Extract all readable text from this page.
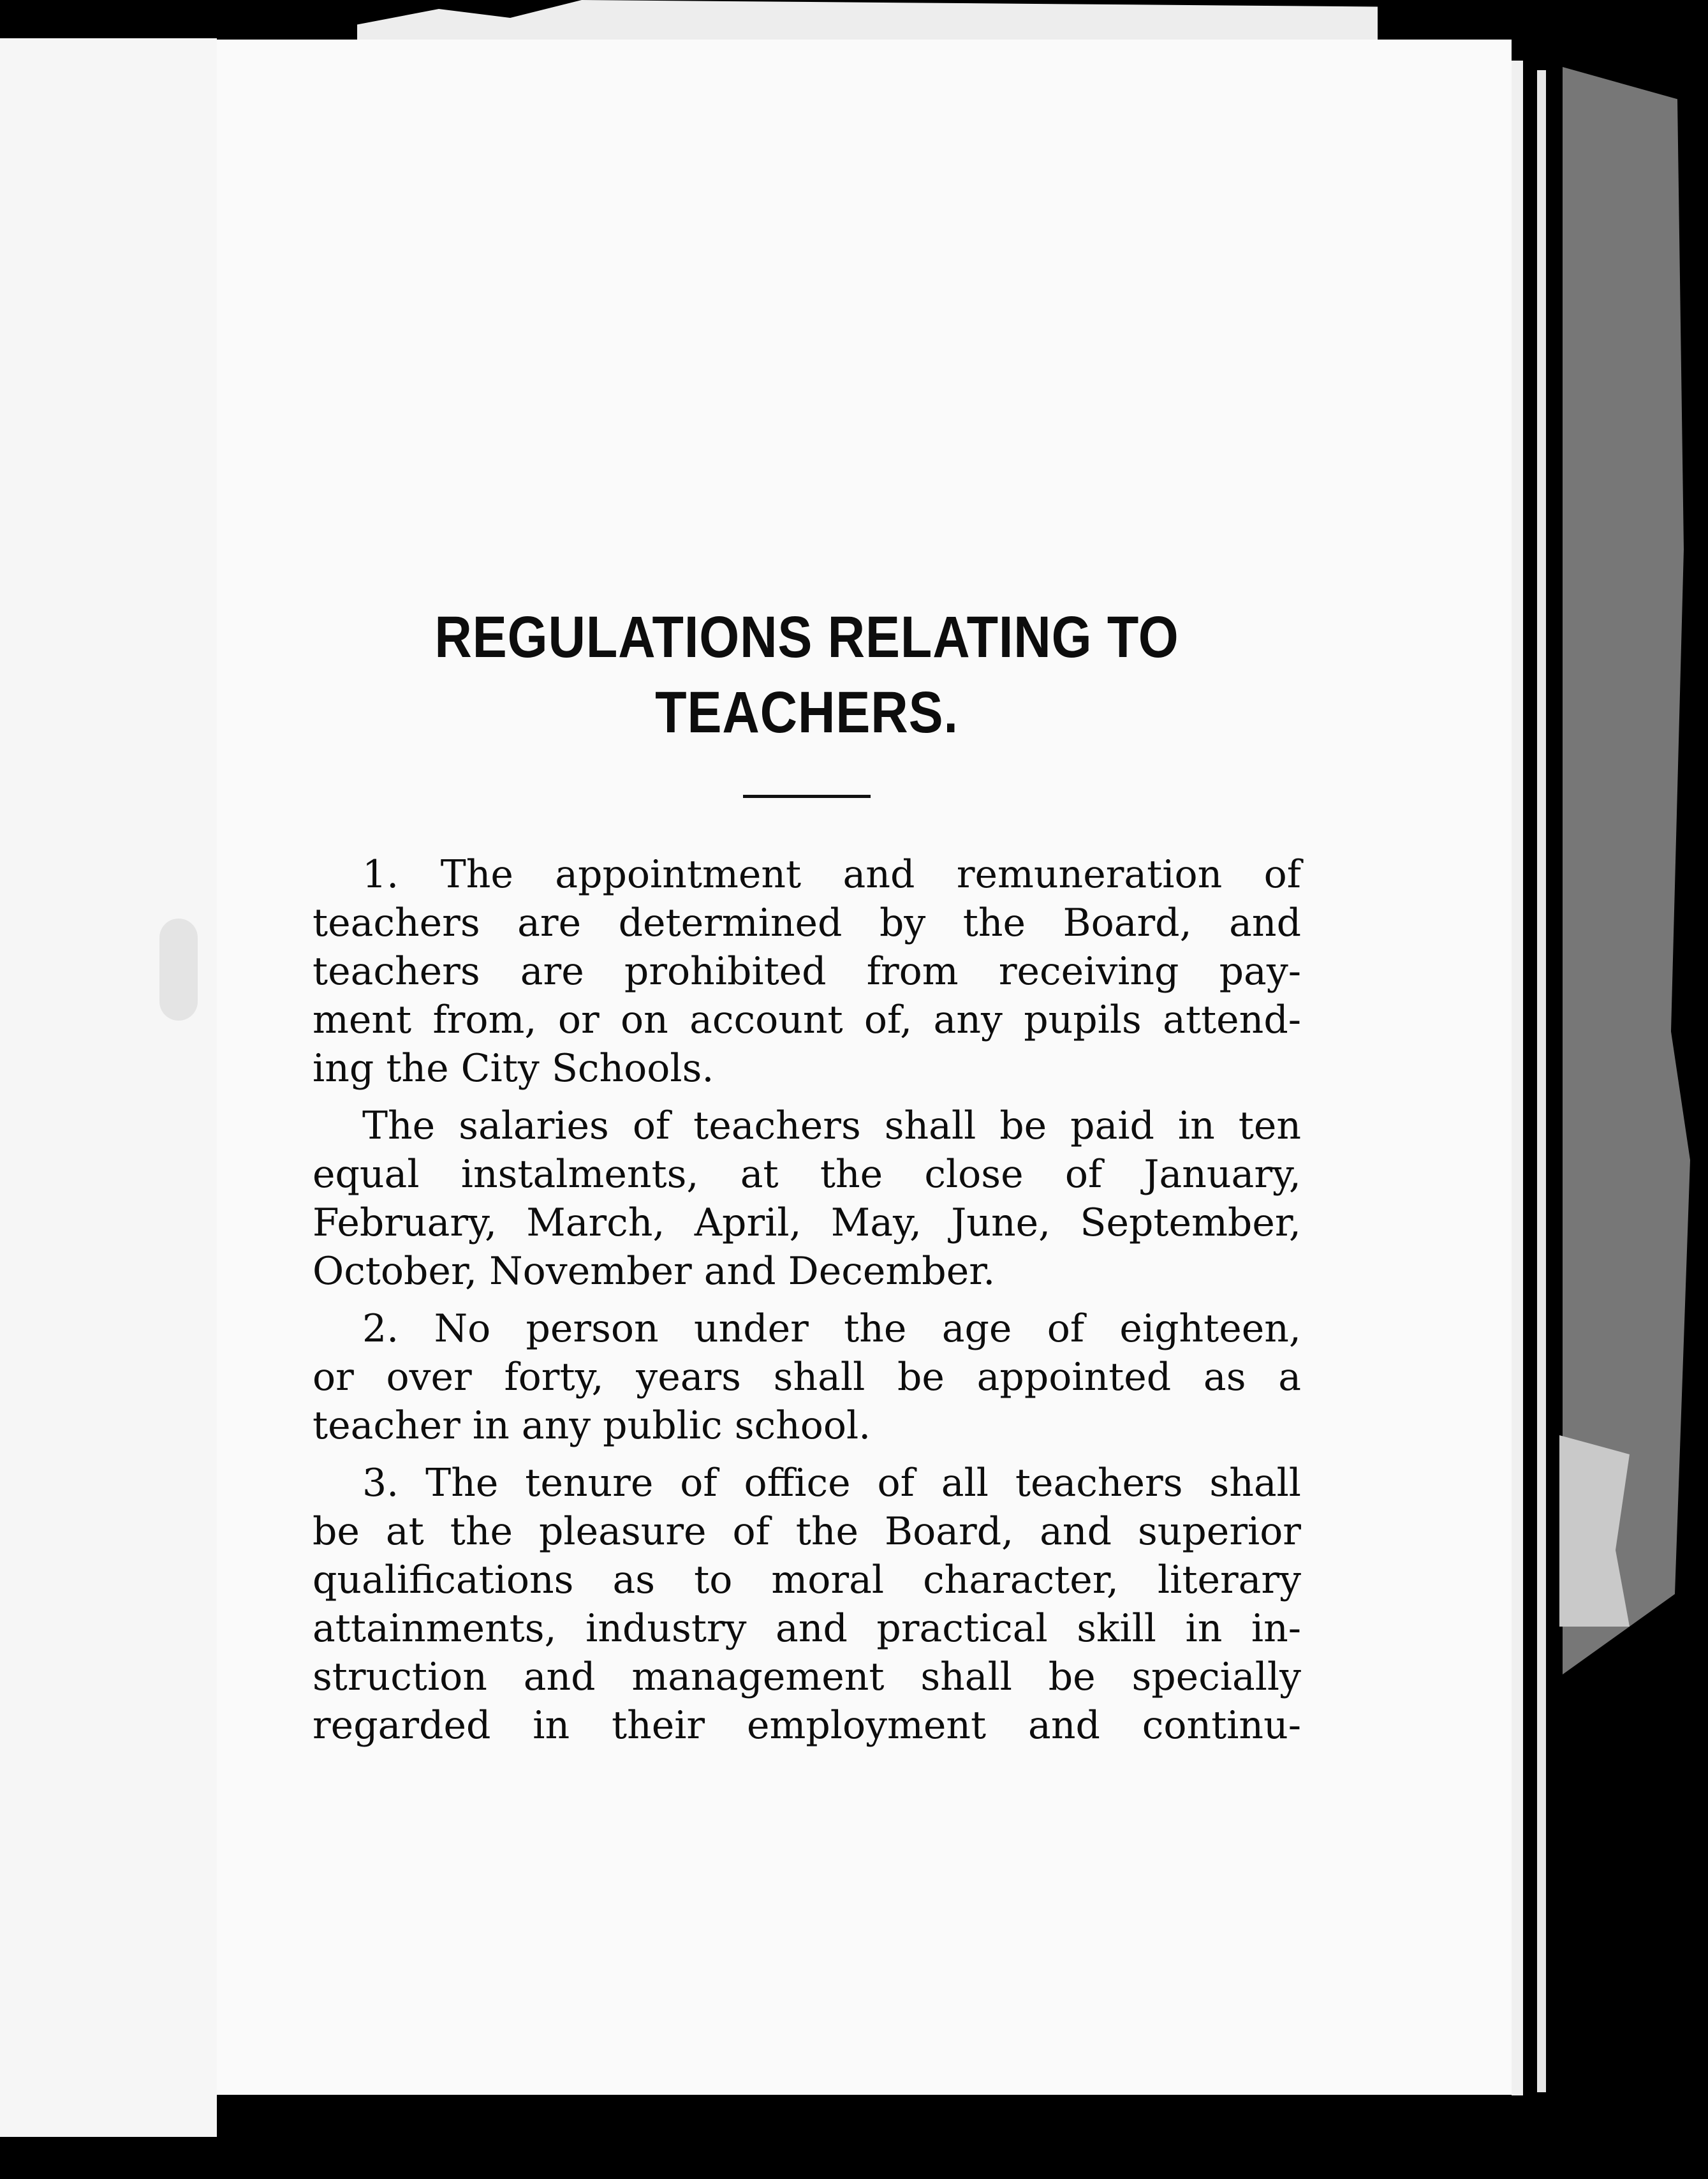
REGULATIONS RELATING TO
TEACHERS.

1. The appointment and remuneration of
teachers are determined by the Board, and
teachers are prohibited from receiving pay-
ment from, or on account of, any pupils attend-
ing the City Schools.

The salaries of teachers shall be paid in ten
equal instalments, at the close of January,
February, March, April, May, June, September,
October, November and December.

2. No person under the age of eighteen,
or over forty, years shall be appointed as a
teacher in any public school.

3. The tenure of office of all teachers shall
be at the pleasure of the Board, and superior
qualifications as to moral character, literary
attainments, industry and practical skill in in-
struction and management shall be specially
regarded in their employment and continu-
